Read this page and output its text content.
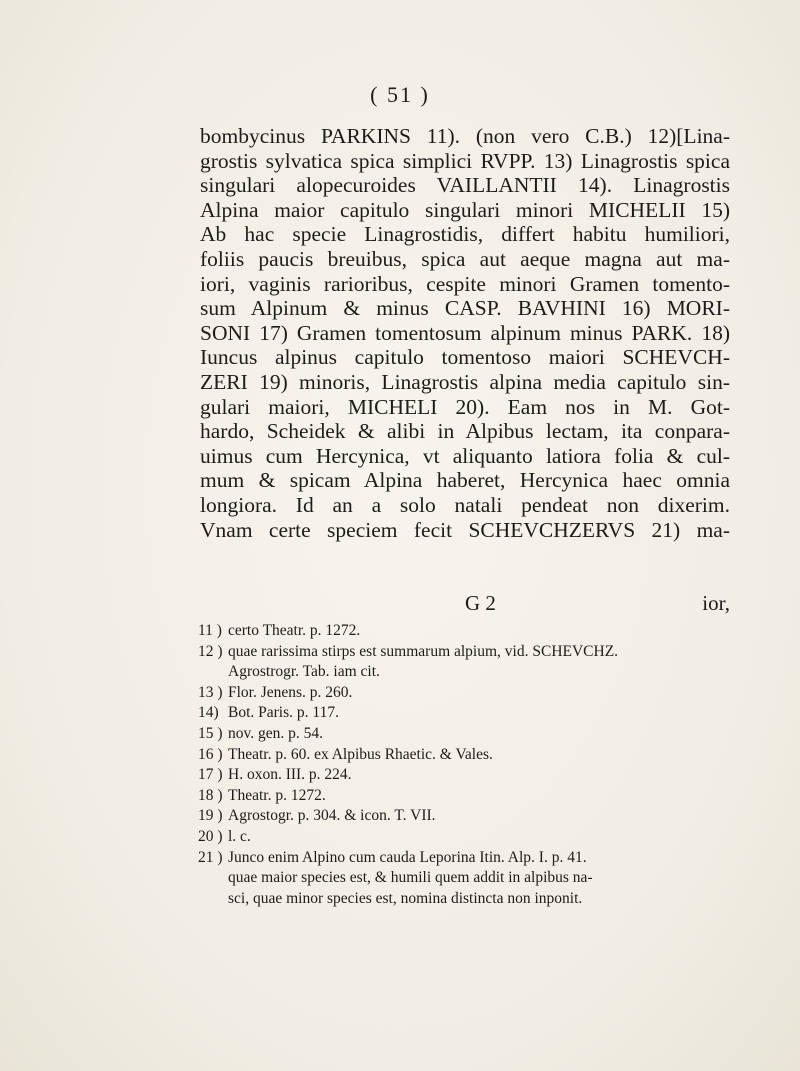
( 51 )
bombycinus PARKINS 11). (non vero C.B.) 12)[Lina-
grostis sylvatica spica simplici RVPP. 13) Linagrostis spica
singulari alopecuroides VAILLANTII 14). Linagrostis
Alpina maior capitulo singulari minori MICHELII 15)
Ab hac specie Linagrostidis, differt habitu humiliori,
foliis paucis breuibus, spica aut aeque magna aut ma-
iori, vaginis rarioribus, cespite minori Gramen tomento-
sum Alpinum & minus CASP. BAVHINI 16) MORI-
SONI 17) Gramen tomentosum alpinum minus PARK. 18)
Iuncus alpinus capitulo tomentoso maiori SCHEVCH-
ZERI 19) minoris, Linagrostis alpina media capitulo sin-
gulari maiori, MICHELI 20). Eam nos in M. Got-
hardo, Scheidek & alibi in Alpibus lectam, ita conpara-
uimus cum Hercynica, vt aliquanto latiora folia & cul-
mum & spicam Alpina haberet, Hercynica haec omnia
longiora. Id an a solo natali pendeat non dixerim.
Vnam certe speciem fecit SCHEVCHZERVS 21) ma-
G 2	ior,
11 ) certo Theatr. p. 1272.
12 ) quae rarissima stirps est summarum alpium, vid. SCHEVCHZ.
Agrostrogr. Tab. iam cit.
13 ) Flor. Jenens. p. 260.
14) Bot. Paris. p. 117.
15 ) nov. gen. p. 54.
16 ) Theatr. p. 60. ex Alpibus Rhaetic. & Vales.
17 ) H. oxon. III. p. 224.
18 ) Theatr. p. 1272.
19 ) Agrostogr. p. 304. & icon. T. VII.
20 ) l. c.
21 ) Junco enim Alpino cum cauda Leporina Itin. Alp. I. p. 41.
quae maior species est, & humili quem addit in alpibus na-
sci, quae minor species est, nomina distincta non inponit.
